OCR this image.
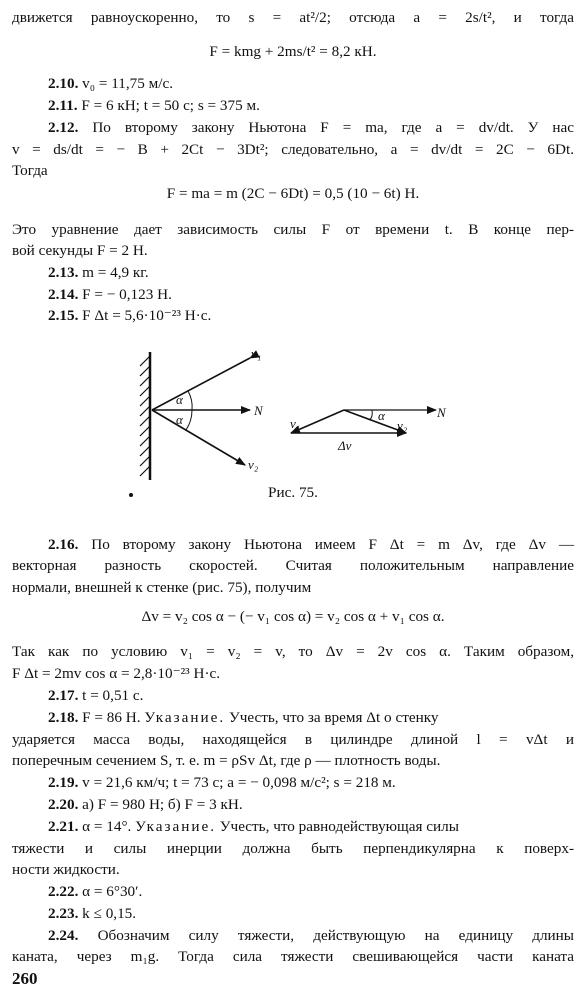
движется равноускоренно, то s = at²/2; отсюда a = 2s/t², и тогда
F = kmg + 2ms/t² = 8,2 кН.
2.10. v₀ = 11,75 м/с.
2.11. F = 6 кН; t = 50 с; s = 375 м.
2.12. По второму закону Ньютона F = ma, где a = dv/dt. У нас
v = ds/dt = − B + 2Ct − 3Dt²; следовательно, a = dv/dt = 2C − 6Dt.
Тогда
F = ma = m (2C − 6Dt) = 0,5 (10 − 6t) Н.
Это уравнение дает зависимость силы F от времени t. В конце пер-
вой секунды F = 2 Н.
2.13. m = 4,9 кг.
2.14. F = − 0,123 Н.
2.15. F Δt = 5,6·10⁻²³ Н·с.
v₁
α
α
N
v₂
v₁
α
v₂
N
Δv
Рис. 75.
2.16. По второму закону Ньютона имеем F Δt = m Δv, где Δv —
векторная разность скоростей. Считая положительным направление
нормали, внешней к стенке (рис. 75), получим
Δv = v₂ cos α − (− v₁ cos α) = v₂ cos α + v₁ cos α.
Так как по условию v₁ = v₂ = v, то Δv = 2v cos α. Таким образом,
F Δt = 2mv cos α = 2,8·10⁻²³ Н·с.
2.17. t = 0,51 с.
2.18. F = 86 Н. Указание. Учесть, что за время Δt о стенку
ударяется масса воды, находящейся в цилиндре длиной l = vΔt и
поперечным сечением S, т. е. m = ρSv Δt, где ρ — плотность воды.
2.19. v = 21,6 км/ч; t = 73 с; a = − 0,098 м/с²; s = 218 м.
2.20. а) F = 980 Н; б) F = 3 кН.
2.21. α = 14°. Указание. Учесть, что равнодействующая силы
тяжести и силы инерции должна быть перпендикулярна к поверх-
ности жидкости.
2.22. α = 6°30′.
2.23. k ≤ 0,15.
2.24. Обозначим силу тяжести, действующую на единицу длины
каната, через m₁g. Тогда сила тяжести свешивающейся части каната
260
